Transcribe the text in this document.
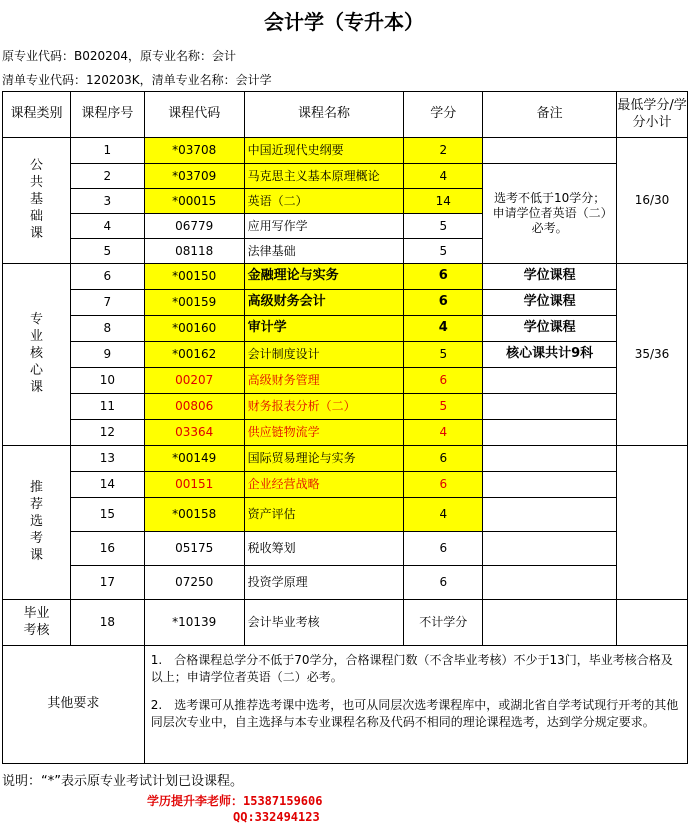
会计学（专升本）
原专业代码：B020204，原专业名称：会计
清单专业代码：120203K，清单专业名称：会计学
课程类别	课程序号	课程代码	课程名称	学分	备注	最低学分/学分小计

公共基础课	1	*03708	中国近现代史纲要	2		16/30
	2	*03709	马克思主义基本原理概论	4	选考不低于10学分；申请学位者英语（二）必考。	
	3	*00015	英语（二）	14		
	4	06779	应用写作学	5		
	5	08118	法律基础	5		

专业核心课	6	*00150	金融理论与实务	6	学位课程	35/36
	7	*00159	高级财务会计	6	学位课程	
	8	*00160	审计学	4	学位课程	
	9	*00162	会计制度设计	5	核心课共计9科	
	10	00207	高级财务管理	6		
	11	00806	财务报表分析（二）	5		
	12	03364	供应链物流学	4		

推荐选考课	13	*00149	国际贸易理论与实务	6		
	14	00151	企业经营战略	6		
	15	*00158	资产评估	4		
	16	05175	税收筹划	6		
	17	07250	投资学原理	6		

毕业考核	18	*10139	会计毕业考核	不计学分		
其他要求		1.　合格课程总学分不低于70学分，合格课程门数（不含毕业考核）不少于13门，毕业考核合格及以上；申请学位者英语（二）必考。
2.　选考课可从推荐选考课中选考，也可从同层次选考课程库中，或湖北省自学考试现行开考的其他同层次专业中，自主选择与本专业课程名称及代码不相同的理论课程选考，达到学分规定要求。				
说明：“*”表示原专业考试计划已设课程。
学历提升李老师：15387159606
QQ:332494123
